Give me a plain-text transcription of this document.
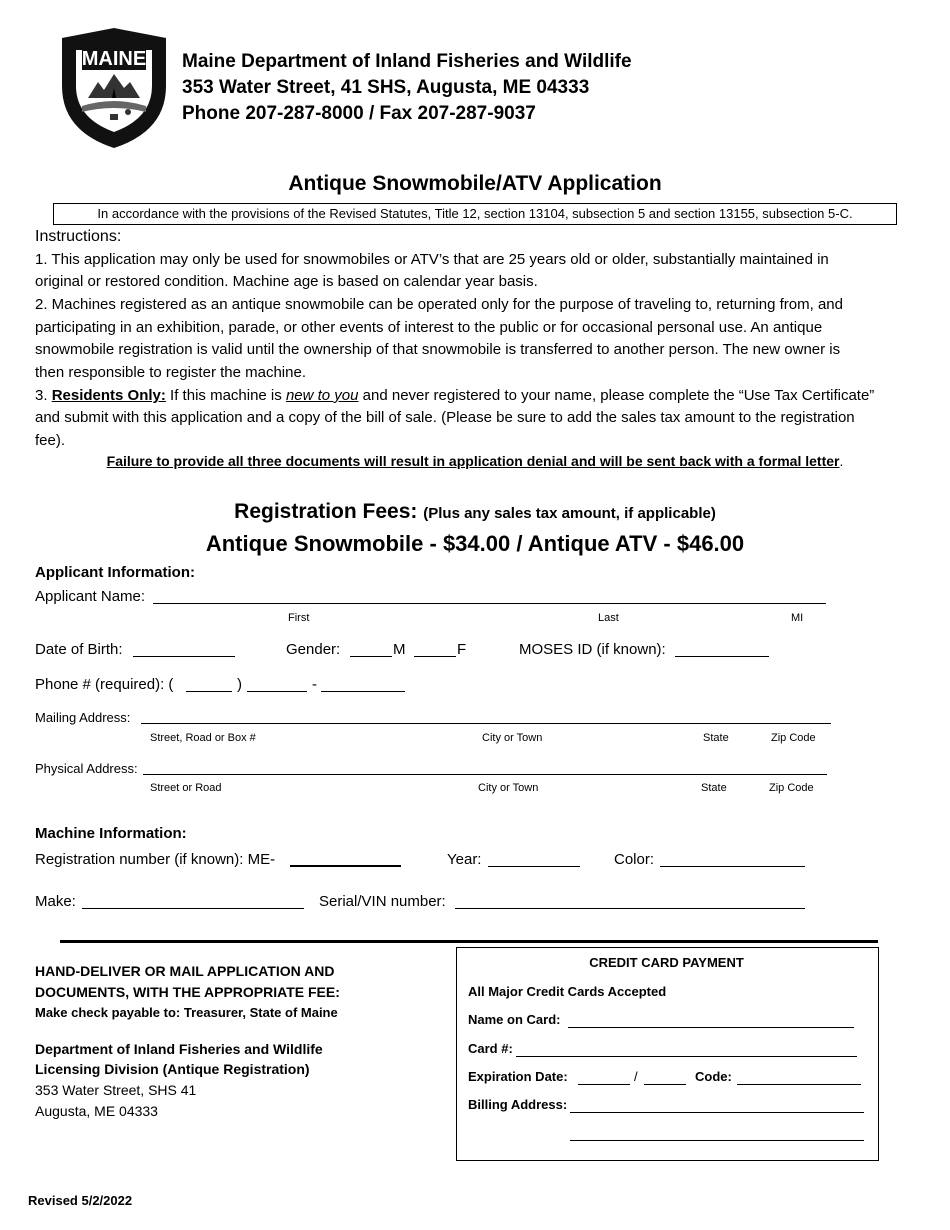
MAINE Maine Department of Inland Fisheries and Wildlife
353 Water Street, 41 SHS, Augusta, ME 04333
Phone 207-287-8000 / Fax 207-287-9037
Antique Snowmobile/ATV Application
In accordance with the provisions of the Revised Statutes, Title 12, section 13104, subsection 5 and section 13155, subsection 5-C.
Instructions:
1. This application may only be used for snowmobiles or ATV’s that are 25 years old or older, substantially maintained in
original or restored condition. Machine age is based on calendar year basis.
2. Machines registered as an antique snowmobile can be operated only for the purpose of traveling to, returning from, and
participating in an exhibition, parade, or other events of interest to the public or for occasional personal use. An antique
snowmobile registration is valid until the ownership of that snowmobile is transferred to another person. The new owner is
then responsible to register the machine.
3. Residents Only: If this machine is new to you and never registered to your name, please complete the “Use Tax Certificate”
and submit with this application and a copy of the bill of sale. (Please be sure to add the sales tax amount to the registration
fee).
Failure to provide all three documents will result in application denial and will be sent back with a formal letter.
Registration Fees: (Plus any sales tax amount, if applicable)
Antique Snowmobile - $34.00 / Antique ATV - $46.00
Applicant Information:
Applicant Name:
First	Last	MI
Date of Birth:	Gender:	M	F	MOSES ID (if known):
Phone # (required): (	)	-
Mailing Address:
Street, Road or Box #	City or Town	State	Zip Code
Physical Address:
Street or Road	City or Town	State	Zip Code
Machine Information:
Registration number (if known): ME-	Year:	Color:
Make:	Serial/VIN number:
HAND-DELIVER OR MAIL APPLICATION AND
DOCUMENTS, WITH THE APPROPRIATE FEE:
Make check payable to: Treasurer, State of Maine
Department of Inland Fisheries and Wildlife
Licensing Division (Antique Registration)
353 Water Street, SHS 41
Augusta, ME 04333
CREDIT CARD PAYMENT
All Major Credit Cards Accepted
Name on Card:
Card #:
Expiration Date:	/	Code:
Billing Address:
Revised 5/2/2022
